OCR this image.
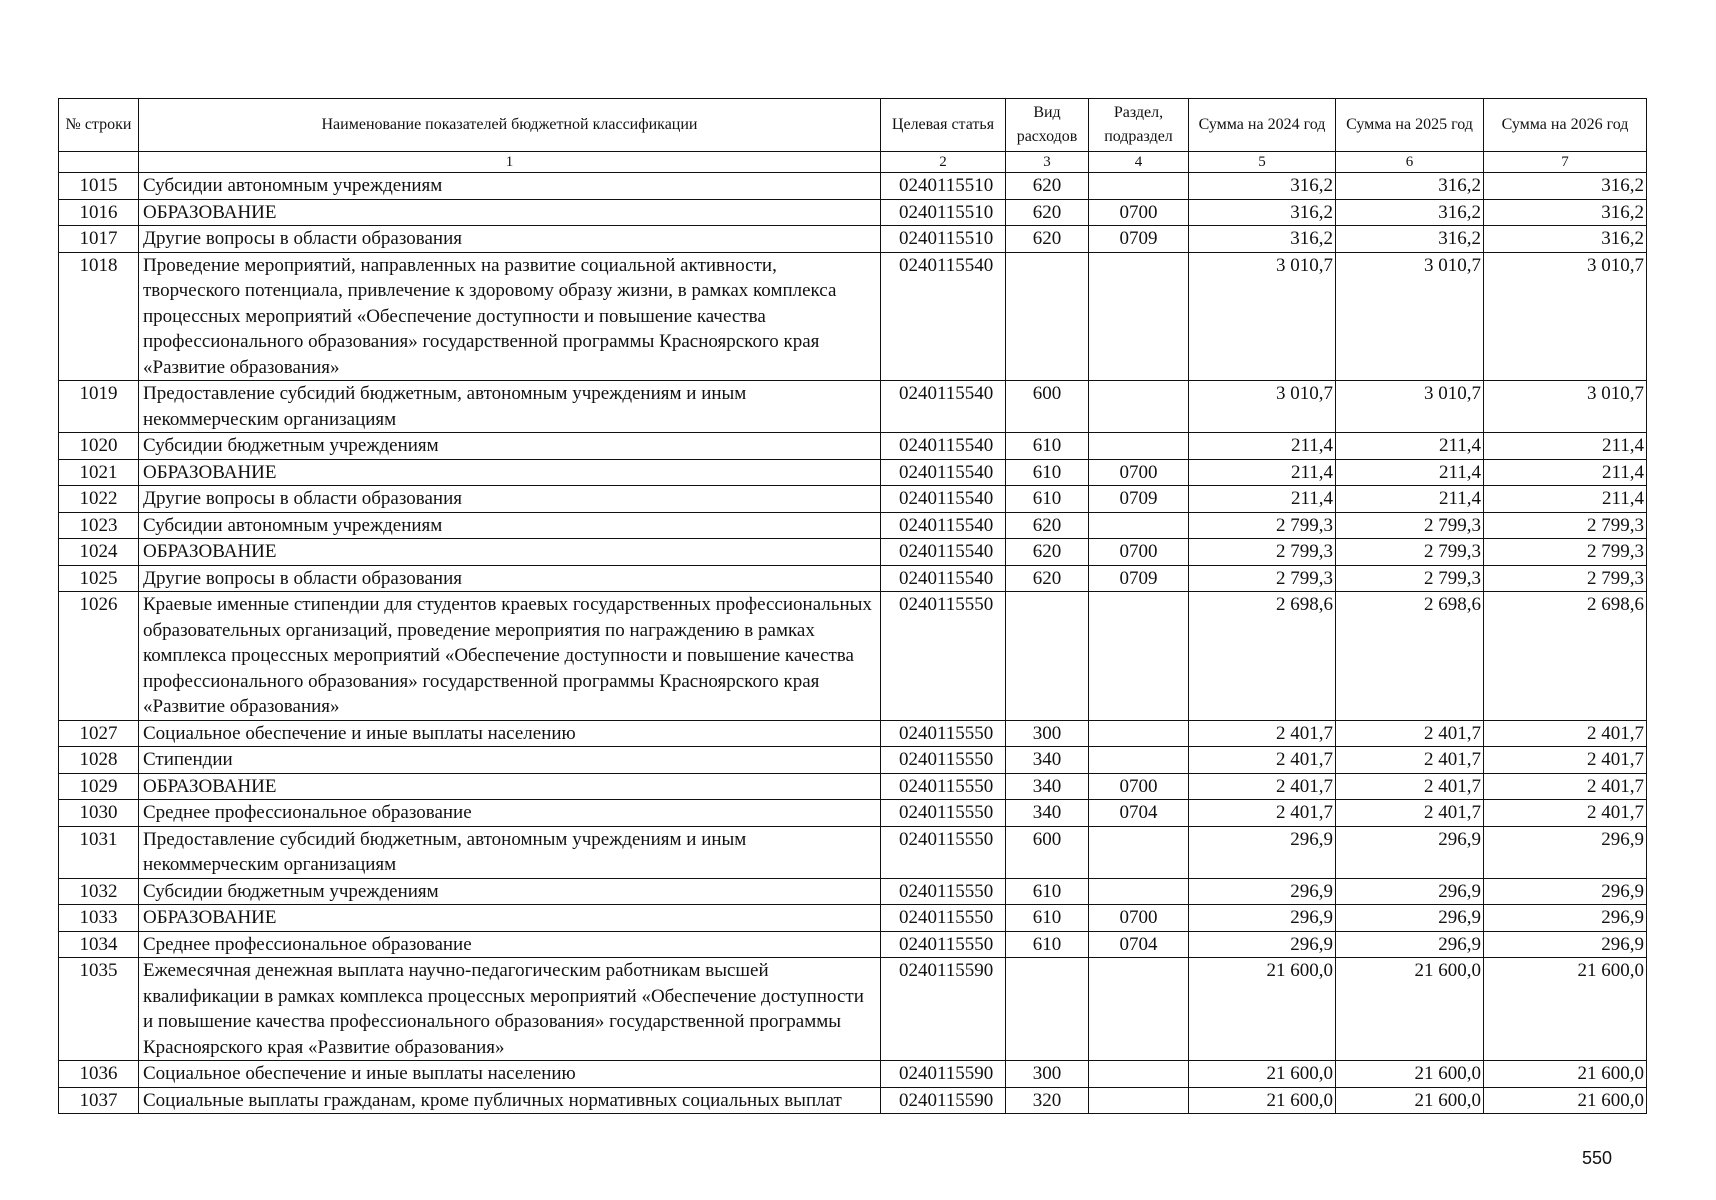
№ строки	Наименование показателей бюджетной классификации	Целевая статья	Вид расходов	Раздел, подраздел	Сумма на 2024 год	Сумма на 2025 год	Сумма на 2026 год
	1	2	3	4	5	6	7
1015	Субсидии автономным учреждениям	0240115510	620		316,2	316,2	316,2
1016	ОБРАЗОВАНИЕ	0240115510	620	0700	316,2	316,2	316,2
1017	Другие вопросы в области образования	0240115510	620	0709	316,2	316,2	316,2
1018	Проведение мероприятий, направленных на развитие социальной активности, творческого потенциала, привлечение к здоровому образу жизни, в рамках комплекса процессных мероприятий «Обеспечение доступности и повышение качества профессионального образования» государственной программы Красноярского края «Развитие образования»	0240115540			3 010,7	3 010,7	3 010,7
1019	Предоставление субсидий бюджетным, автономным учреждениям и иным некоммерческим организациям	0240115540	600		3 010,7	3 010,7	3 010,7
1020	Субсидии бюджетным учреждениям	0240115540	610		211,4	211,4	211,4
1021	ОБРАЗОВАНИЕ	0240115540	610	0700	211,4	211,4	211,4
1022	Другие вопросы в области образования	0240115540	610	0709	211,4	211,4	211,4
1023	Субсидии автономным учреждениям	0240115540	620		2 799,3	2 799,3	2 799,3
1024	ОБРАЗОВАНИЕ	0240115540	620	0700	2 799,3	2 799,3	2 799,3
1025	Другие вопросы в области образования	0240115540	620	0709	2 799,3	2 799,3	2 799,3
1026	Краевые именные стипендии для студентов краевых государственных профессиональных образовательных организаций, проведение мероприятия по награждению в рамках комплекса процессных мероприятий «Обеспечение доступности и повышение качества профессионального образования» государственной программы Красноярского края «Развитие образования»	0240115550			2 698,6	2 698,6	2 698,6
1027	Социальное обеспечение и иные выплаты населению	0240115550	300		2 401,7	2 401,7	2 401,7
1028	Стипендии	0240115550	340		2 401,7	2 401,7	2 401,7
1029	ОБРАЗОВАНИЕ	0240115550	340	0700	2 401,7	2 401,7	2 401,7
1030	Среднее профессиональное образование	0240115550	340	0704	2 401,7	2 401,7	2 401,7
1031	Предоставление субсидий бюджетным, автономным учреждениям и иным некоммерческим организациям	0240115550	600		296,9	296,9	296,9
1032	Субсидии бюджетным учреждениям	0240115550	610		296,9	296,9	296,9
1033	ОБРАЗОВАНИЕ	0240115550	610	0700	296,9	296,9	296,9
1034	Среднее профессиональное образование	0240115550	610	0704	296,9	296,9	296,9
1035	Ежемесячная денежная выплата научно-педагогическим работникам высшей квалификации в рамках комплекса процессных мероприятий «Обеспечение доступности и повышение качества профессионального образования» государственной программы Красноярского края «Развитие образования»	0240115590			21 600,0	21 600,0	21 600,0
1036	Социальное обеспечение и иные выплаты населению	0240115590	300		21 600,0	21 600,0	21 600,0
1037	Социальные выплаты гражданам, кроме публичных нормативных социальных выплат	0240115590	320		21 600,0	21 600,0	21 600,0
550
